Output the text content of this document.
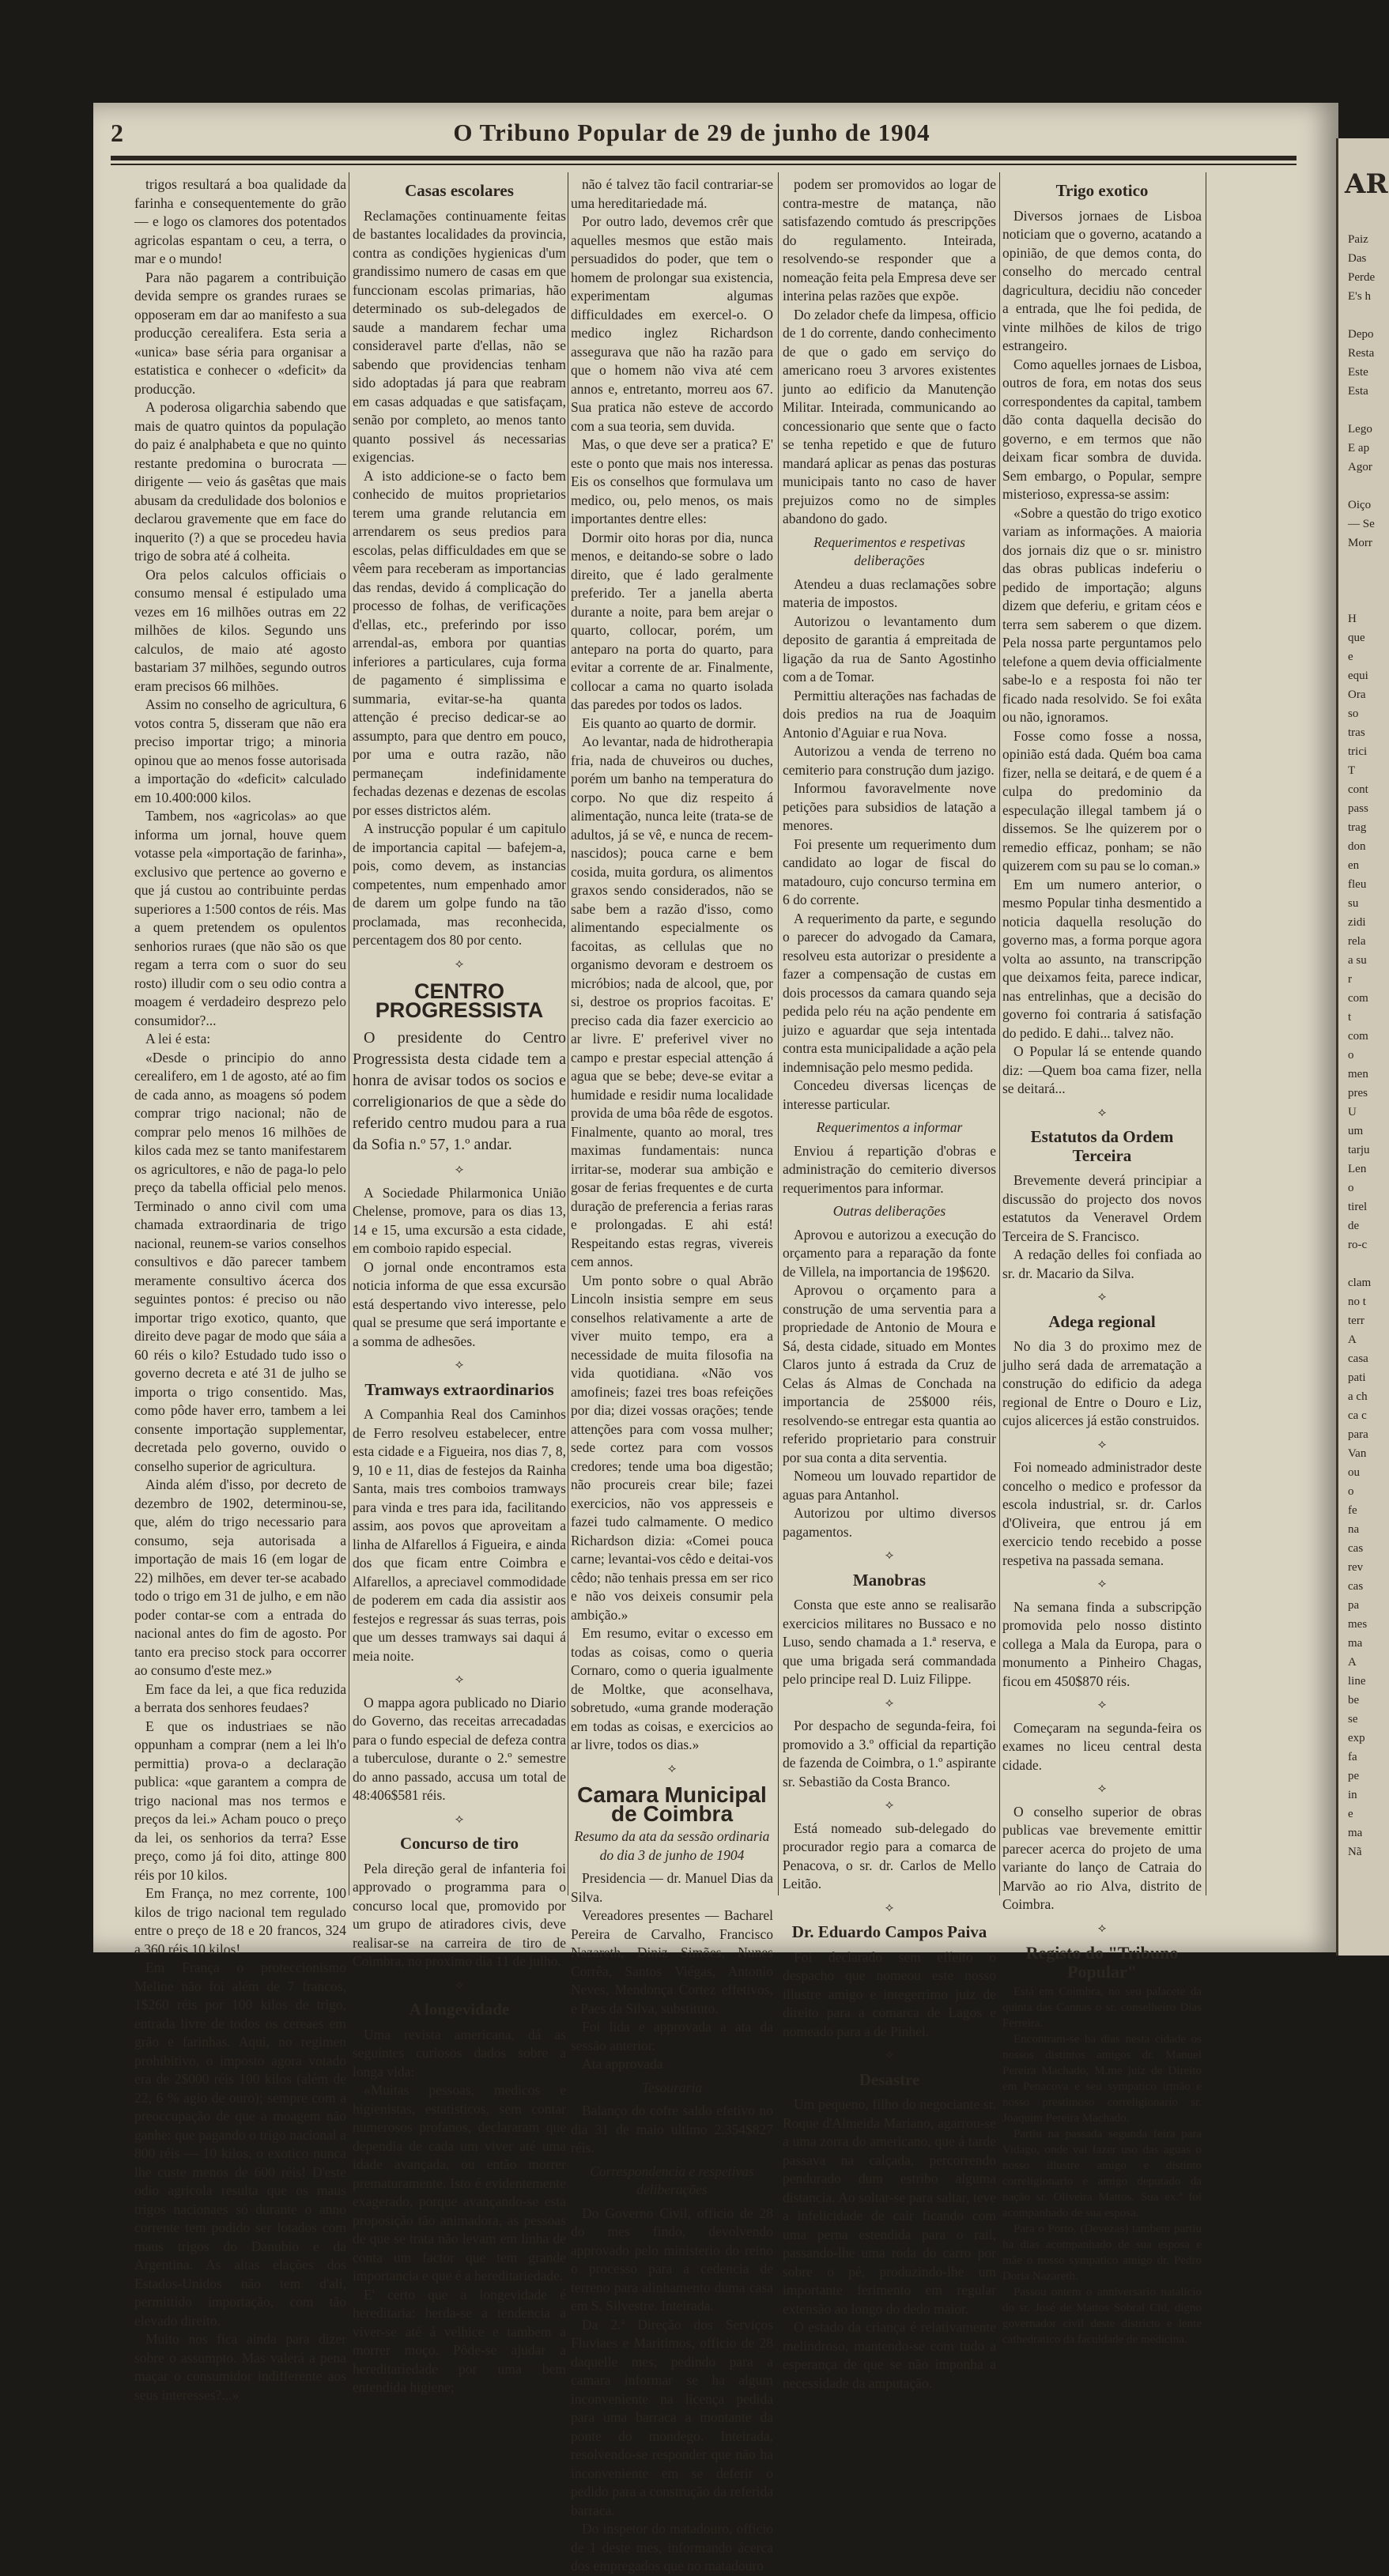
AR
Paiz
Das
Perde
E's h

Depo
Resta
Este
Esta

Lego
E ap
Agor

Oiço
— Se
Morr

H
que
e
equi
Ora
so
tras
trici
T
cont
pass
trag
don
en
fleu
su
zidi
rela
a su
r
com
t
com
o
men
pres
U
um
tarju
Len
o
tirel
de
ro-c

clam
no t
terr
A
casa
pati
a ch
ca c
para
Van
ou
o
fe
na
cas
rev
cas
pa
mes
ma
A
line
be
se
exp
fa
pe
in
e
ma
Nã
2	O Tribuno Popular de 29 de junho de 1904

trigos resultará a boa qualidade da farinha e consequentemente do grão — e logo os clamores dos potentados agricolas espantam o ceu, a terra, o mar e o mundo!

Para não pagarem a contribuição devida sempre os grandes ruraes se opposeram em dar ao manifesto a sua producção cerealifera. Esta seria a «unica» base séria para organisar a estatistica e conhecer o «deficit» da producção.

A poderosa oligarchia sabendo que mais de quatro quintos da população do paiz é analphabeta e que no quinto restante predomina o burocrata — dirigente — veio ás gasêtas que mais abusam da credulidade dos bolonios e declarou gravemente que em face do inquerito (?) a que se procedeu havia trigo de sobra até á colheita.

Ora pelos calculos officiais o consumo mensal é estipulado uma vezes em 16 milhões outras em 22 milhões de kilos. Segundo uns calculos, de maio até agosto bastariam 37 milhões, segundo outros eram precisos 66 milhões.

Assim no conselho de agricultura, 6 votos contra 5, disseram que não era preciso importar trigo; a minoria opinou que ao menos fosse autorisada a importação do «deficit» calculado em 10.400:000 kilos.

Tambem, nos «agricolas» ao que informa um jornal, houve quem votasse pela «importação de farinha», exclusivo que pertence ao governo e que já custou ao contribuinte perdas superiores a 1:500 contos de réis. Mas a quem pretendem os opulentos senhorios ruraes (que não são os que regam a terra com o suor do seu rosto) illudir com o seu odio contra a moagem é verdadeiro desprezo pelo consumidor?...

A lei é esta:

«Desde o principio do anno cerealifero, em 1 de agosto, até ao fim de cada anno, as moagens só podem comprar trigo nacional; não de comprar pelo menos 16 milhões de kilos cada mez se tanto manifestarem os agricultores, e não de paga-lo pelo preço da tabella official pelo menos. Terminado o anno civil com uma chamada extraordinaria de trigo nacional, reunem-se varios conselhos consultivos e dão parecer tambem meramente consultivo ácerca dos seguintes pontos: é preciso ou não importar trigo exotico, quanto, que direito deve pagar de modo que sáia a 60 réis o kilo? Estudado tudo isso o governo decreta e até 31 de julho se importa o trigo consentido. Mas, como pôde haver erro, tambem a lei consente importação supplementar, decretada pelo governo, ouvido o conselho superior de agricultura.

Ainda além d'isso, por decreto de dezembro de 1902, determinou-se, que, além do trigo necessario para consumo, seja autorisada a importação de mais 16 (em logar de 22) milhões, em dever ter-se acabado todo o trigo em 31 de julho, e em não poder contar-se com a entrada do nacional antes do fim de agosto. Por tanto era preciso stock para occorrer ao consumo d'este mez.»

Em face da lei, a que fica reduzida a berrata dos senhores feudaes?

E que os industriaes se não oppunham a comprar (nem a lei lh'o permittia) prova-o a declaração publica: «que garantem a compra de trigo nacional mas nos termos e preços da lei.» Acham pouco o preço da lei, os senhorios da terra? Esse preço, como já foi dito, attinge 800 réis por 10 kilos.

Em França, no mez corrente, 100 kilos de trigo nacional tem regulado entre o preço de 18 e 20 francos, 324 a 360 réis 10 kilos!

Em França o proteccionismo Meline não foi além de 7 francos, 1$260 réis por 100 kilos de trigo, entrada livre de todos os cereaes em grão e farinhas. Aqui, no regimen prohibitivo, o imposto agora votado era de 2$000 réis 100 kilos (além de 22, 6 % agio de ouro); sempre com a preoccupação de que a moagem não ganhe: que pagando o trigo nacional a 800 réis — 10 kilos, o exotico nunca lhe custe menos de 600 réis! D'este odio agricola resulta que os maus trigos nacionaes só durante o anno corrente tem podido ser lotados com maus trigos do Danubio e da Argentina. As altas elações dos Estados-Unidos não tem d'ali, permittido importação, com tão elevado direito.

Muito nos fica ainda para dizer sobre o assumpto. Mas valerá a pena maçar o consumidor indifferente aos seus interesses?...»

Casas escolares

Reclamações continuamente feitas de bastantes localidades da provincia, contra as condições hygienicas d'um grandissimo numero de casas em que funccionam escolas primarias, hão determinado os sub-delegados de saude a mandarem fechar uma consideravel parte d'ellas, não se sabendo que providencias tenham sido adoptadas já para que reabram em casas adquadas e que satisfaçam, senão por completo, ao menos tanto quanto possivel ás necessarias exigencias.

A isto addicione-se o facto bem conhecido de muitos proprietarios terem uma grande relutancia em arrendarem os seus predios para escolas, pelas difficuldades em que se vêem para receberam as importancias das rendas, devido á complicação do processo de folhas, de verificações d'ellas, etc., preferindo por isso arrendal-as, embora por quantias inferiores a particulares, cuja forma de pagamento é simplissima e summaria, evitar-se-ha quanta attenção é preciso dedicar-se ao assumpto, para que dentro em pouco, por uma e outra razão, não permaneçam indefinidamente fechadas dezenas e dezenas de escolas por esses districtos além.

A instrucção popular é um capitulo de importancia capital — bafejem-a, pois, como devem, as instancias competentes, num empenhado amor de darem um golpe fundo na tão proclamada, mas reconhecida, percentagem dos 80 por cento.

⟡
CENTRO PROGRESSISTA

O presidente do Centro Progressista desta cidade tem a honra de avisar todos os socios e correligionarios de que a sède do referido centro mudou para a rua da Sofia n.º 57, 1.º andar.

⟡

A Sociedade Philarmonica União Chelense, promove, para os dias 13, 14 e 15, uma excursão a esta cidade, em comboio rapido especial.

O jornal onde encontramos esta noticia informa de que essa excursão está despertando vivo interesse, pelo qual se presume que será importante e a somma de adhesões.

⟡
Tramways extraordinarios

A Companhia Real dos Caminhos de Ferro resolveu estabelecer, entre esta cidade e a Figueira, nos dias 7, 8, 9, 10 e 11, dias de festejos da Rainha Santa, mais tres comboios tramways para vinda e tres para ida, facilitando assim, aos povos que aproveitam a linha de Alfarellos á Figueira, e ainda dos que ficam entre Coimbra e Alfarellos, a apreciavel commodidade de poderem em cada dia assistir aos festejos e regressar ás suas terras, pois que um desses tramways sai daqui á meia noite.

⟡

O mappa agora publicado no Diario do Governo, das receitas arrecadadas para o fundo especial de defeza contra a tuberculose, durante o 2.º semestre do anno passado, accusa um total de 48:406$581 réis.

⟡
Concurso de tiro

Pela direção geral de infanteria foi approvado o programma para o concurso local que, promovido por um grupo de atiradores civis, deve realisar-se na carreira de tiro de Coimbra, no proximo dia 11 de julho.

⟡
A longevidade

Uma revista americana, dá as seguintes curiosos dados sobre a longa vida:

«Muitas pessoas, medicos e higienistas, estatisticos, sem contar numerosos profanos, declararam que dependia de cada um viver até uma idade avançada, ou então morrer prematuramente. Isto é evidentemente exagerado, porque avançando-se esta proposição tão animadora, as pessoas de que se trata não levam em linha de conta um factor que tem grande importancia e que é a hereditariedade.

E' certo que a longevidade é hereditaria: herda-se a tendencia a viver-se até á velhice e tambem a morrer moço. Pôde-se ajudar a hereditariedade por uma bem entendida higiene;

não é talvez tão facil contrariar-se uma hereditariedade má.

Por outro lado, devemos crêr que aquelles mesmos que estão mais persuadidos do poder, que tem o homem de prolongar sua existencia, experimentam algumas difficuldades em exercel-o. O medico inglez Richardson assegurava que não ha razão para que o homem não viva até cem annos e, entretanto, morreu aos 67. Sua pratica não esteve de accordo com a sua teoria, sem duvida.

Mas, o que deve ser a pratica? E' este o ponto que mais nos interessa. Eis os conselhos que formulava um medico, ou, pelo menos, os mais importantes dentre elles:

Dormir oito horas por dia, nunca menos, e deitando-se sobre o lado direito, que é lado geralmente preferido. Ter a janella aberta durante a noite, para bem arejar o quarto, collocar, porém, um anteparo na porta do quarto, para evitar a corrente de ar. Finalmente, collocar a cama no quarto isolada das paredes por todos os lados.

Eis quanto ao quarto de dormir.

Ao levantar, nada de hidrotherapia fria, nada de chuveiros ou duches, porém um banho na temperatura do corpo. No que diz respeito á alimentação, nunca leite (trata-se de adultos, já se vê, e nunca de recem-nascidos); pouca carne e bem cosida, muita gordura, os alimentos graxos sendo considerados, não se sabe bem a razão d'isso, como alimentando especialmente os facoitas, as cellulas que no organismo devoram e destroem os micróbios; nada de alcool, que, por si, destroe os proprios facoitas. E' preciso cada dia fazer exercicio ao ar livre. E' preferivel viver no campo e prestar especial attenção á agua que se bebe; deve-se evitar a humidade e residir numa localidade provida de uma bôa rêde de esgotos. Finalmente, quanto ao moral, tres maximas fundamentais: nunca irritar-se, moderar sua ambição e gosar de ferias frequentes e de curta duração de preferencia a ferias raras e prolongadas. E ahi está! Respeitando estas regras, vivereis cem annos.

Um ponto sobre o qual Abrão Lincoln insistia sempre em seus conselhos relativamente a arte de viver muito tempo, era a necessidade de muita filosofia na vida quotidiana. «Não vos amofineis; fazei tres boas refeições por dia; dizei vossas orações; tende attenções para com vossa mulher; sede cortez para com vossos credores; tende uma boa digestão; não procureis crear bile; fazei exercicios, não vos appresseis e fazei tudo calmamente. O medico Richardson dizia: «Comei pouca carne; levantai-vos cêdo e deitai-vos cêdo; não tenhais pressa em ser rico e não vos deixeis consumir pela ambição.»

Em resumo, evitar o excesso em todas as coisas, como o queria Cornaro, como o queria igualmente de Moltke, que aconselhava, sobretudo, «uma grande moderação em todas as coisas, e exercicios ao ar livre, todos os dias.»

⟡
Camara Municipal de Coimbra
Resumo da ata da sessão ordinaria do dia 3 de junho de 1904

Presidencia — dr. Manuel Dias da Silva.

Vereadores presentes — Bacharel Pereira de Carvalho, Francisco Nazareth, Diniz Simões, Nunes Corrêa, Santos Viégas, Antonio Neves, Mendonça Cortez effetivos, e Paes da Silva, substituto.

Foi lida e approvada a ata da sessão anterior.

Ata approvada

Tesouraria

Balanço do cofre saldo efetivo no dia 31 de maio ultimo 2.354$827 réis.

Correspondencia e respetivas deliberações

Do Governo Civil, officio de 28 do mes findo, devolvendo approvado pelo ministerio do reino o processo para a cedencia de terreno para alinhamento duma casa em S. Silvestre. Inteirada.

Da 2.ª Direção dos Serviços Fluviaes e Maritimos, officio de 28 daquelle mes, pedindo para a camara informar se ha algum inconveniente na licença pedida para uma barraca a montante da ponte do mondego. Inteirada, resolvendo-se responder que não ha inconveniente em se deferir o pedido para a construção da referida barraca.

Do inspetor do matadouro, officio de 1 deste mes, informando ácerca dos empregados que no matadouro

podem ser promovidos ao logar de contra-mestre de matança, não satisfazendo comtudo ás prescripções do regulamento. Inteirada, resolvendo-se responder que a nomeação feita pela Empresa deve ser interina pelas razões que expõe.

Do zelador chefe da limpesa, officio de 1 do corrente, dando conhecimento de que o gado em serviço do americano roeu 3 arvores existentes junto ao edificio da Manutenção Militar. Inteirada, communicando ao concessionario que sente que o facto se tenha repetido e que de futuro mandará aplicar as penas das posturas municipais tanto no caso de haver prejuizos como no de simples abandono do gado.

Requerimentos e respetivas deliberações

Atendeu a duas reclamações sobre materia de impostos.

Autorizou o levantamento dum deposito de garantia á empreitada de ligação da rua de Santo Agostinho com a de Tomar.

Permittiu alterações nas fachadas de dois predios na rua de Joaquim Antonio d'Aguiar e rua Nova.

Autorizou a venda de terreno no cemiterio para construção dum jazigo.

Informou favoravelmente nove petições para subsidios de latação a menores.

Foi presente um requerimento dum candidato ao logar de fiscal do matadouro, cujo concurso termina em 6 do corrente.

A requerimento da parte, e segundo o parecer do advogado da Camara, resolveu esta autorizar o presidente a fazer a compensação de custas em dois processos da camara quando seja pedida pelo réu na ação pendente em juizo e aguardar que seja intentada contra esta municipalidade a ação pela indemnisação pelo mesmo pedida.

Concedeu diversas licenças de interesse particular.

Requerimentos a informar

Enviou á repartição d'obras e administração do cemiterio diversos requerimentos para informar.

Outras deliberações

Aprovou e autorizou a execução do orçamento para a reparação da fonte de Villela, na importancia de 19$620.

Aprovou o orçamento para a construção de uma serventia para a propriedade de Antonio de Moura e Sá, desta cidade, situado em Montes Claros junto á estrada da Cruz de Celas ás Almas de Conchada na importancia de 25$000 réis, resolvendo-se entregar esta quantia ao referido proprietario para construir por sua conta a dita serventia.

Nomeou um louvado repartidor de aguas para Antanhol.

Autorizou por ultimo diversos pagamentos.

⟡
Manobras

Consta que este anno se realisarão exercicios militares no Bussaco e no Luso, sendo chamada a 1.ª reserva, e que uma brigada será commandada pelo principe real D. Luiz Filippe.

⟡

Por despacho de segunda-feira, foi promovido a 3.º official da repartição de fazenda de Coimbra, o 1.º aspirante sr. Sebastião da Costa Branco.

⟡

Está nomeado sub-delegado do procurador regio para a comarca de Penacova, o sr. dr. Carlos de Mello Leitão.

⟡
Dr. Eduardo Campos Paiva

Foi declarado sem effeito o despacho que nomeou este nosso illustre amigo e integerrimo juiz de direito para a comarca de Lagos e nomeado para a de Pinhel.

⟡
Desastre

Um pequeno, filho do negociante sr. Roque d'Almeida Mariano, agarrou-se a uma zorra do americano, que á tarde passava na calçada, percorrendo pendurado dum estribo alguma distancia. Ao soltar-se para saltar, teve a infelicidade de cair ficando com uma perna estendida para o rail, passando-lhe uma roda do carro por sobre o pé, produzindo-lhe um importante ferimento em regular extensão ao longo do dedo maior.

O estado da criança é relativamente melindroso, mantendo-se com tudo a esperança de que se não imponha a necessidade da amputação.

Trigo exotico

Diversos jornaes de Lisboa noticiam que o governo, acatando a opinião, de que demos conta, do conselho do mercado central dagricultura, decidiu não conceder a entrada, que lhe foi pedida, de vinte milhões de kilos de trigo estrangeiro.

Como aquelles jornaes de Lisboa, outros de fora, em notas dos seus correspondentes da capital, tambem dão conta daquella decisão do governo, e em termos que não deixam ficar sombra de duvida. Sem embargo, o Popular, sempre misterioso, expressa-se assim:

«Sobre a questão do trigo exotico variam as informações. A maioria dos jornais diz que o sr. ministro das obras publicas indeferiu o pedido de importação; alguns dizem que deferiu, e gritam céos e terra sem saberem o que dizem. Pela nossa parte perguntamos pelo telefone a quem devia officialmente sabe-lo e a resposta foi não ter ficado nada resolvido. Se foi exâta ou não, ignoramos.

Fosse como fosse a nossa, opinião está dada. Quém boa cama fizer, nella se deitará, e de quem é a culpa do predominio da especulação illegal tambem já o dissemos. Se lhe quizerem por o remedio efficaz, ponham; se não quizerem com su pau se lo coman.»

Em um numero anterior, o mesmo Popular tinha desmentido a noticia daquella resolução do governo mas, a forma porque agora volta ao assunto, na transcripção que deixamos feita, parece indicar, nas entrelinhas, que a decisão do governo foi contraria á satisfação do pedido. E dahi... talvez não.

O Popular lá se entende quando diz: —Quem boa cama fizer, nella se deitará...

⟡
Estatutos da Ordem Terceira

Brevemente deverá principiar a discussão do projecto dos novos estatutos da Veneravel Ordem Terceira de S. Francisco.

A redação delles foi confiada ao sr. dr. Macario da Silva.

⟡
Adega regional

No dia 3 do proximo mez de julho será dada de arrematação a construção do edificio da adega regional de Entre o Douro e Liz, cujos alicerces já estão construidos.

⟡

Foi nomeado administrador deste concelho o medico e professor da escola industrial, sr. dr. Carlos d'Oliveira, que entrou já em exercicio tendo recebido a posse respetiva na passada semana.

⟡

Na semana finda a subscripção promovida pelo nosso distinto collega a Mala da Europa, para o monumento a Pinheiro Chagas, ficou em 450$870 réis.

⟡

Começaram na segunda-feira os exames no liceu central desta cidade.

⟡

O conselho superior de obras publicas vae brevemente emittir parecer acerca do projeto de uma variante do lanço de Catraia do Marvão ao rio Alva, distrito de Coimbra.

⟡
Registo do "Tribuno Popular"

Está em Coimbra, no seu palacete da quinta das Cannas o sr. conselheiro Dias Ferreira.

Encontram-se ha dias nesta cidade os nossos distintos amigos dr. Manuel Pereira Machado, M.me juiz de Direito em Penacova e seu sympatico irmão e nosso prestimoso correligionario sr. Joaquim Pereira Machado.

Partiu na passada segunda feira para Vidago, onde vai fazer uso das aguas o nosso illustre amigo e distinto correligionario e amigo deputado da nação sr. Oliveira Mattos. Sua ex.ª foi acompanhado de sua esposa.

Para o Porto, (Devezas) tambem partiu ha dias acompanhado de sua esposa e mãe o nosso sympatico amigo dr. Pedro Doria Nazareth.

Passou ontem o anniversario natalicio do sr. José de Mattos Sobral Cid, digno governador civil deste districto e lente cathedratico da faculdade de medicina.
